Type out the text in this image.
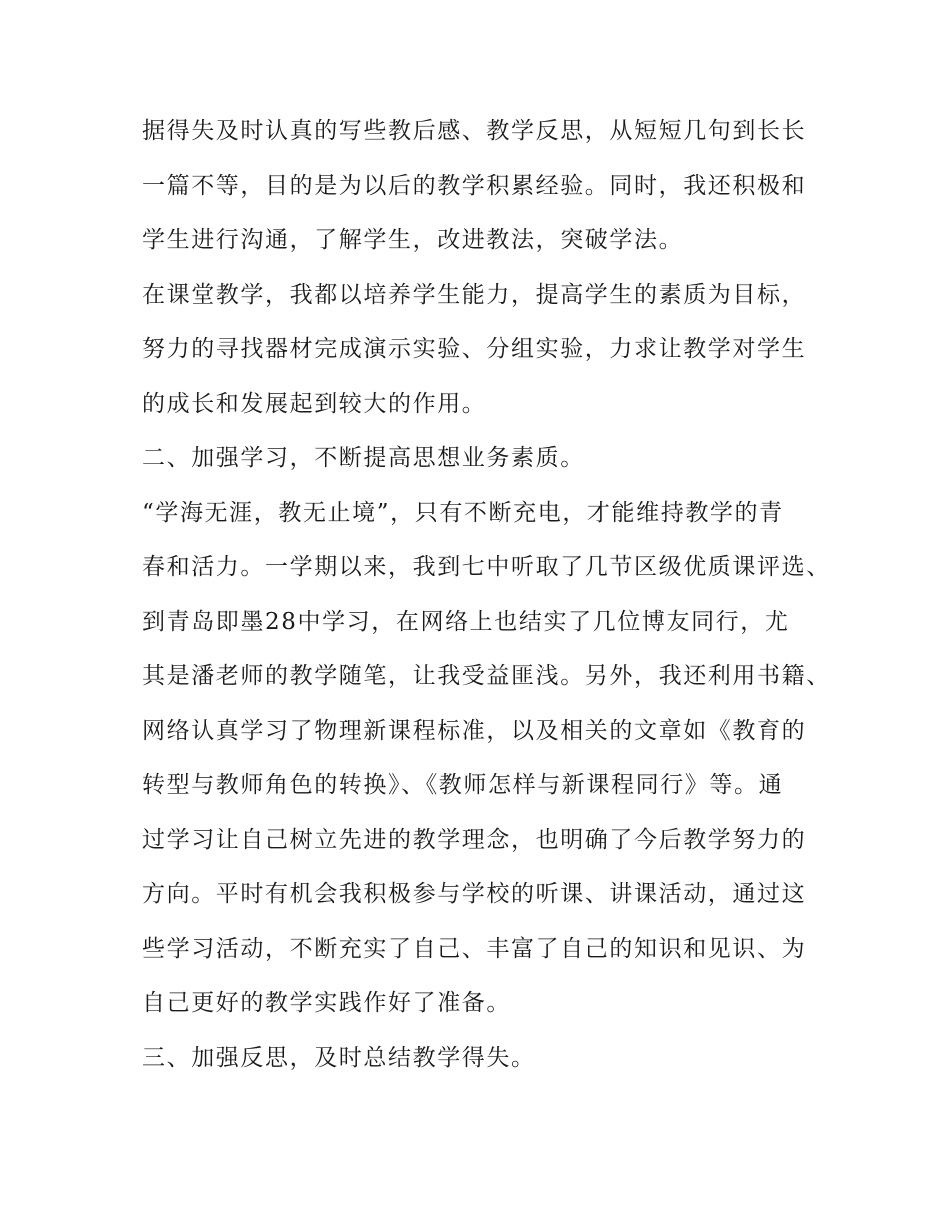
据得失及时认真的写些教后感、教学反思，从短短几句到长长
一篇不等，目的是为以后的教学积累经验。同时，我还积极和
学生进行沟通，了解学生，改进教法，突破学法。
在课堂教学，我都以培养学生能力，提高学生的素质为目标，
努力的寻找器材完成演示实验、分组实验，力求让教学对学生
的成长和发展起到较大的作用。
二、加强学习，不断提高思想业务素质。
“学海无涯，教无止境”，只有不断充电，才能维持教学的青
春和活力。一学期以来，我到七中听取了几节区级优质课评选、
到青岛即墨28中学习，在网络上也结实了几位博友同行，尤
其是潘老师的教学随笔，让我受益匪浅。另外，我还利用书籍、
网络认真学习了物理新课程标准，以及相关的文章如《教育的
转型与教师角色的转换》、《教师怎样与新课程同行》等。通
过学习让自己树立先进的教学理念，也明确了今后教学努力的
方向。平时有机会我积极参与学校的听课、讲课活动，通过这
些学习活动，不断充实了自己、丰富了自己的知识和见识、为
自己更好的教学实践作好了准备。
三、加强反思，及时总结教学得失。
